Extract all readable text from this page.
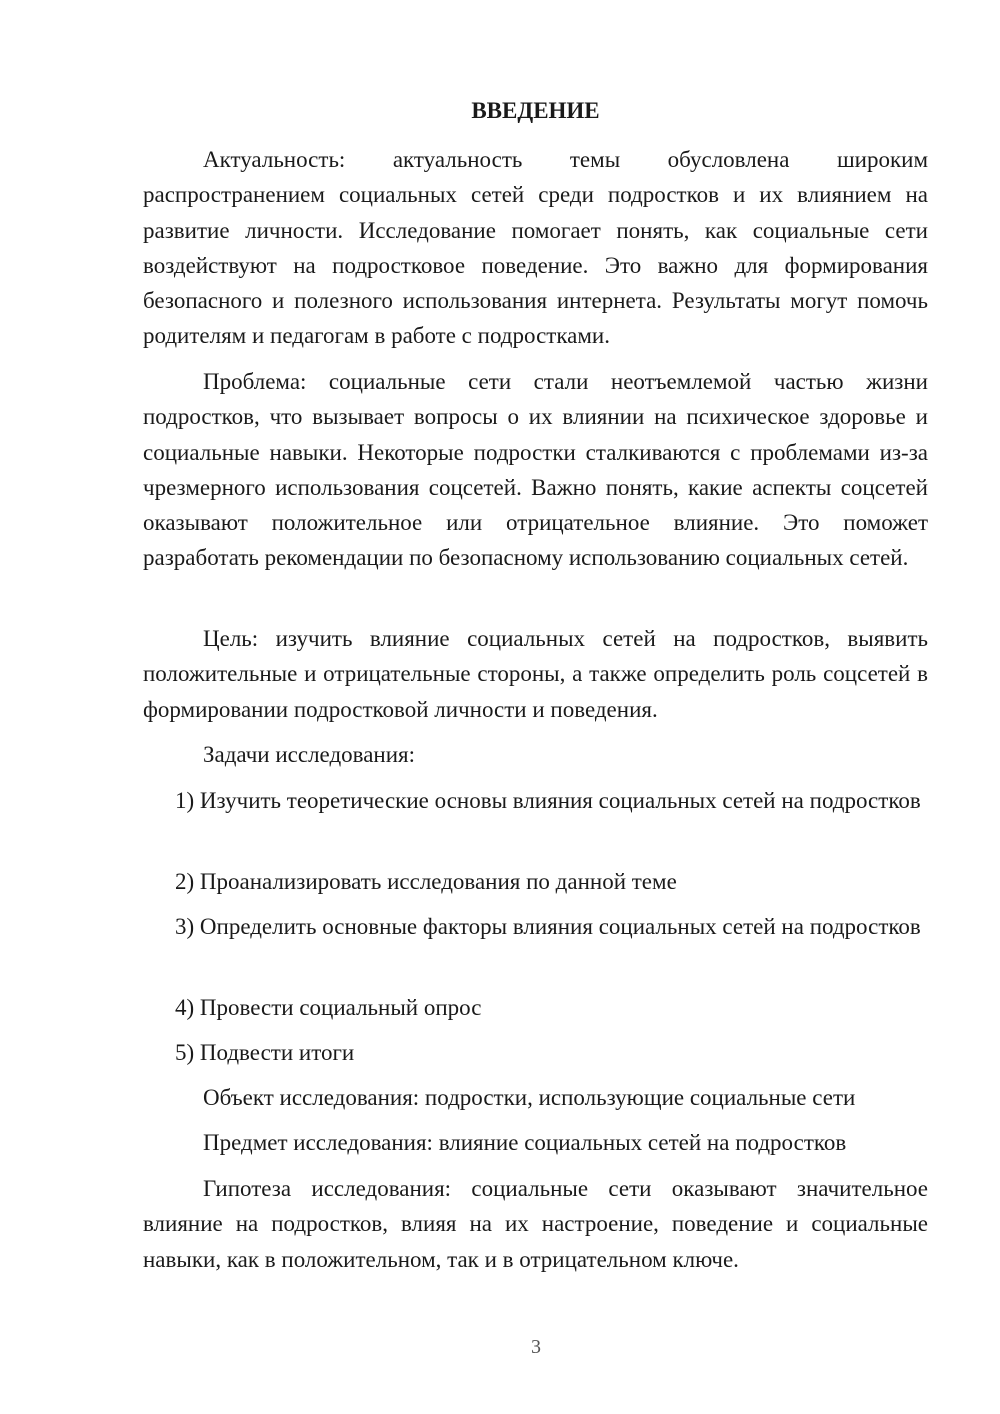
ВВЕДЕНИЕ

Актуальность: актуальность темы обусловлена широким распространением социальных сетей среди подростков и их влиянием на развитие личности. Исследование помогает понять, как социальные сети воздействуют на подростковое поведение. Это важно для формирования безопасного и полезного использования интернета. Результаты могут помочь родителям и педагогам в работе с подростками.

Проблема: социальные сети стали неотъемлемой частью жизни подростков, что вызывает вопросы о их влиянии на психическое здоровье и социальные навыки. Некоторые подростки сталкиваются с проблемами из-за чрезмерного использования соцсетей. Важно понять, какие аспекты соцсетей оказывают положительное или отрицательное влияние. Это поможет разработать рекомендации по безопасному использованию социальных сетей.

Цель: изучить влияние социальных сетей на подростков, выявить положительные и отрицательные стороны, а также определить роль соцсетей в формировании подростковой личности и поведения.

Задачи исследования:

1) Изучить теоретические основы влияния социальных сетей на подростков

2) Проанализировать исследования по данной теме

3) Определить основные факторы влияния социальных сетей на подростков

4) Провести социальный опрос

5) Подвести итоги

Объект исследования: подростки, использующие социальные сети

Предмет исследования: влияние социальных сетей на подростков

Гипотеза исследования: социальные сети оказывают значительное влияние на подростков, влияя на их настроение, поведение и социальные навыки, как в положительном, так и в отрицательном ключе.

3
